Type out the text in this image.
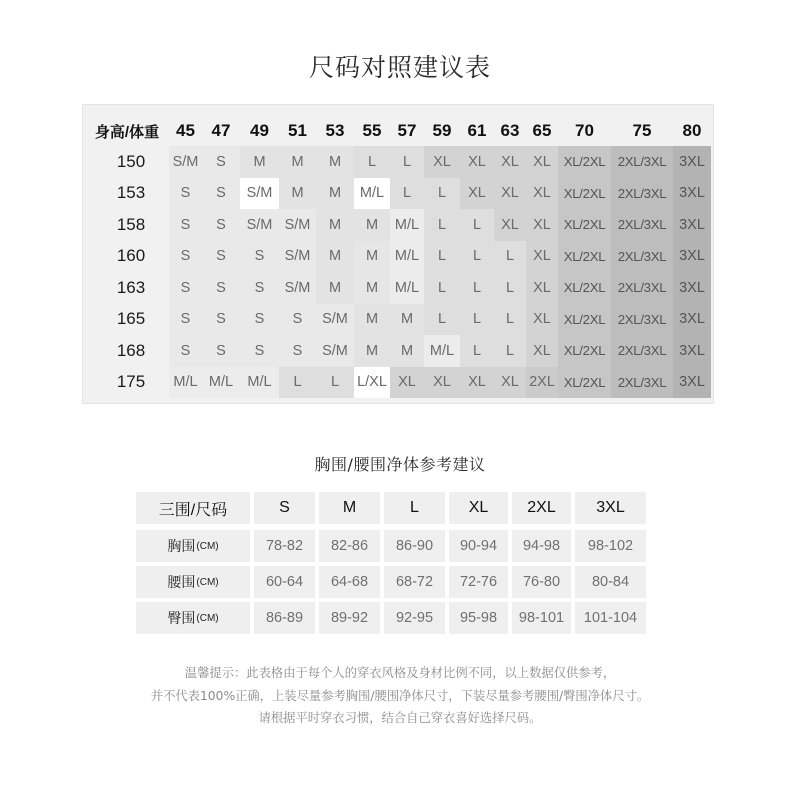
尺码对照建议表
身高/体重 45 47	49	51	53	55 57 59 61 63 65	70	75	80
150	S/M	S	M	M	M	L	L	XL	XL	XL XL XL/2XL 2XL/3XL 3XL
153	S	S	S/M	M	M	M/L	L	L	XL	XL XL XL/2XL 2XL/3XL 3XL
158	S	S	S/M S/M	M	M	M/L	L	L	XL XL XL/2XL 2XL/3XL 3XL
160	S	S	S	S/M	M	M	M/L	L	L	L	XL XL/2XL 2XL/3XL 3XL
163	S	S	S	S/M	M	M	M/L	L	L	L	XL XL/2XL 2XL/3XL 3XL
165	S	S	S	S	S/M	M	M	L	L	L	XL XL/2XL 2XL/3XL 3XL
168	S	S	S	S	S/M	M	M	M/L	L	L	XL XL/2XL 2XL/3XL 3XL
175	M/L M/L M/L	L	L	L/XL XL	XL	XL	XL 2XL XL/2XL 2XL/3XL 3XL
胸围/腰围净体参考建议
三围/尺码	S	M	L	XL	2XL	3XL
胸围 (CM)	78-82	82-86	86-90	90-94	94-98	98-102
腰围 (CM)	60-64	64-68	68-72	72-76	76-80	80-84
臀围 (CM)	86-89	89-92	92-95	95-98	98-101	101-104
温馨提示：此表格由于每个人的穿衣风格及身材比例不同，以上数据仅供参考，
并不代表100%正确，上装尽量参考胸围/腰围净体尺寸，下装尽量参考腰围/臀围净体尺寸。
请根据平时穿衣习惯，结合自己穿衣喜好选择尺码。
